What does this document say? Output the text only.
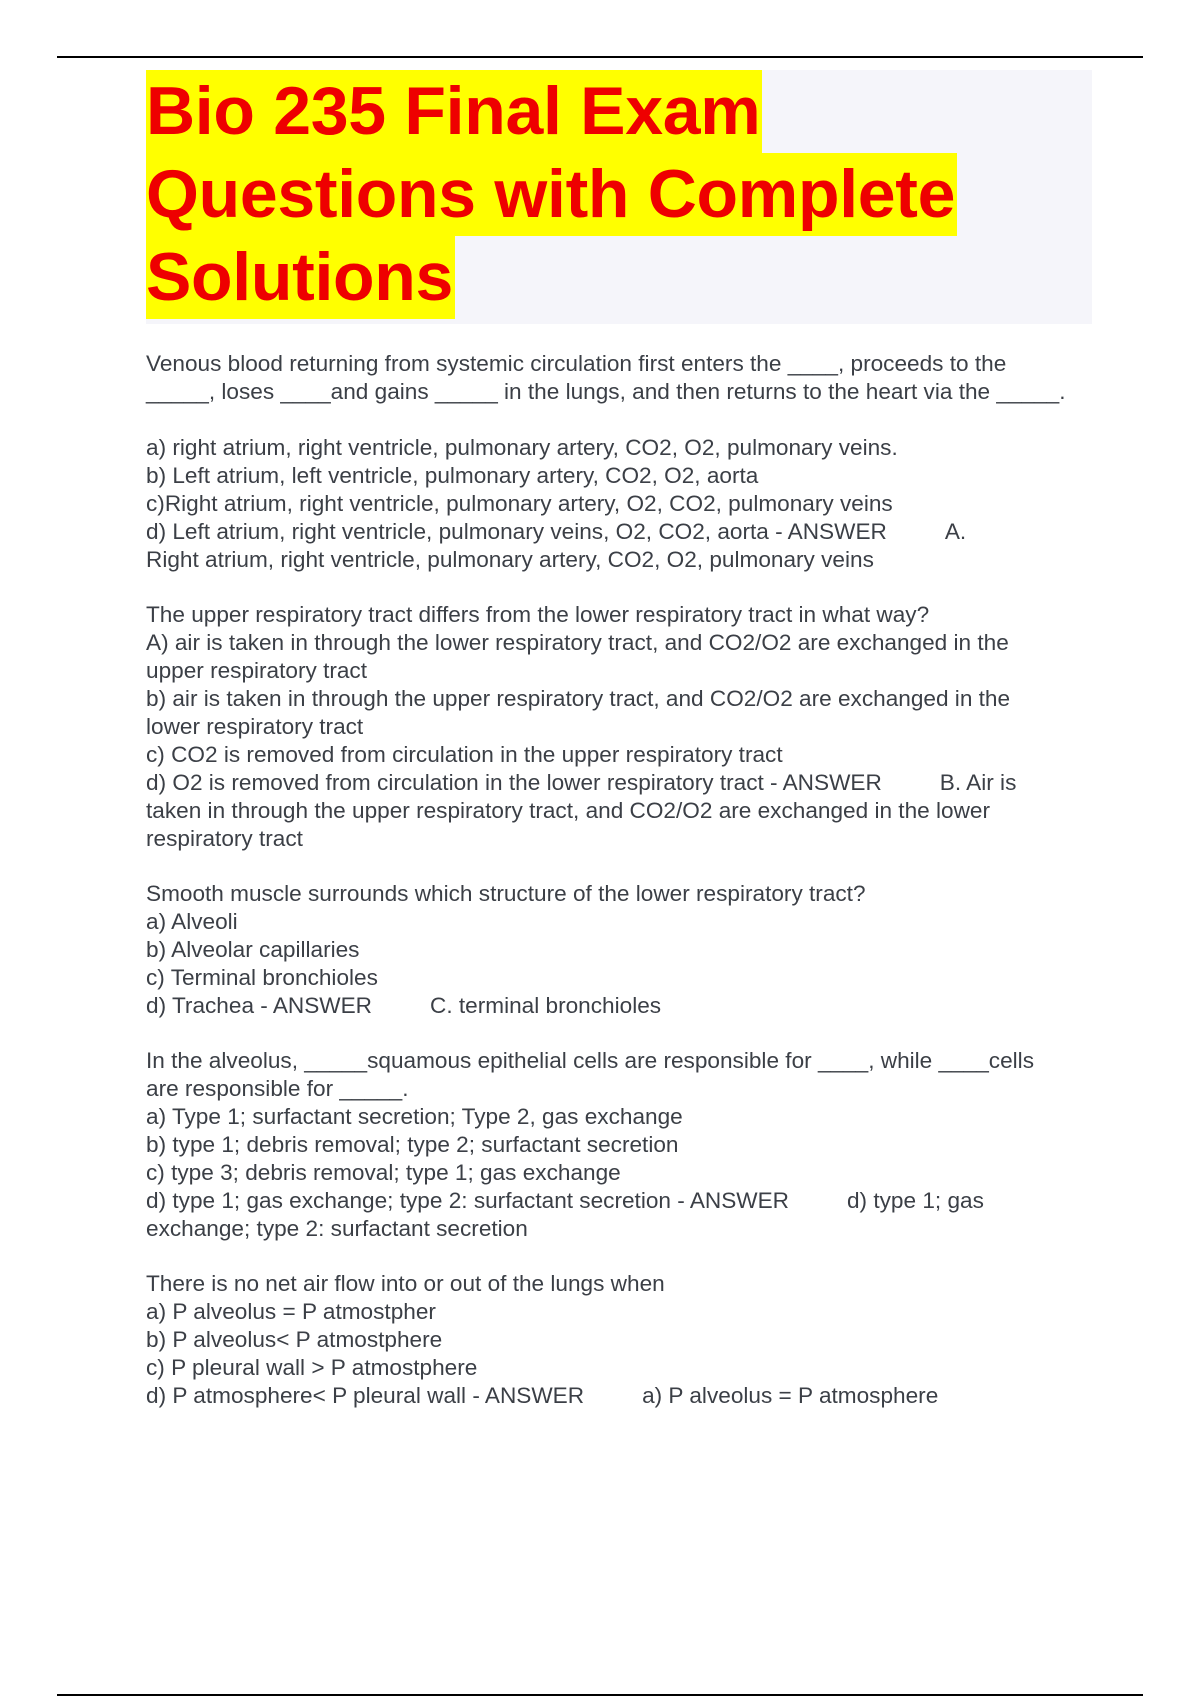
Bio 235 Final Exam
Questions with Complete
Solutions

Venous blood returning from systemic circulation first enters the ____, proceeds to the

_____, loses ____and gains _____ in the lungs, and then returns to the heart via the _____.

a) right atrium, right ventricle, pulmonary artery, CO2, O2, pulmonary veins.

b) Left atrium, left ventricle, pulmonary artery, CO2, O2, aorta

c)Right atrium, right ventricle, pulmonary artery, O2, CO2, pulmonary veins

d) Left atrium, right ventricle, pulmonary veins, O2, CO2, aorta - ANSWER	A.

Right atrium, right ventricle, pulmonary artery, CO2, O2, pulmonary veins

The upper respiratory tract differs from the lower respiratory tract in what way?

A) air is taken in through the lower respiratory tract, and CO2/O2 are exchanged in the

upper respiratory tract

b) air is taken in through the upper respiratory tract, and CO2/O2 are exchanged in the

lower respiratory tract

c) CO2 is removed from circulation in the upper respiratory tract

d) O2 is removed from circulation in the lower respiratory tract - ANSWER	B. Air is

taken in through the upper respiratory tract, and CO2/O2 are exchanged in the lower
respiratory tract

Smooth muscle surrounds which structure of the lower respiratory tract?

a) Alveoli

b) Alveolar capillaries

c) Terminal bronchioles

d) Trachea - ANSWER	C. terminal bronchioles

In the alveolus, _____squamous epithelial cells are responsible for ____, while ____cells

are responsible for _____.

a) Type 1; surfactant secretion; Type 2, gas exchange

b) type 1; debris removal; type 2; surfactant secretion

c) type 3; debris removal; type 1; gas exchange

d) type 1; gas exchange; type 2: surfactant secretion - ANSWER	d) type 1; gas

exchange; type 2: surfactant secretion

There is no net air flow into or out of the lungs when

a) P alveolus = P atmostpher

b) P alveolus< P atmostphere

c) P pleural wall > P atmostphere

d) P atmosphere< P pleural wall - ANSWER	a) P alveolus = P atmosphere
